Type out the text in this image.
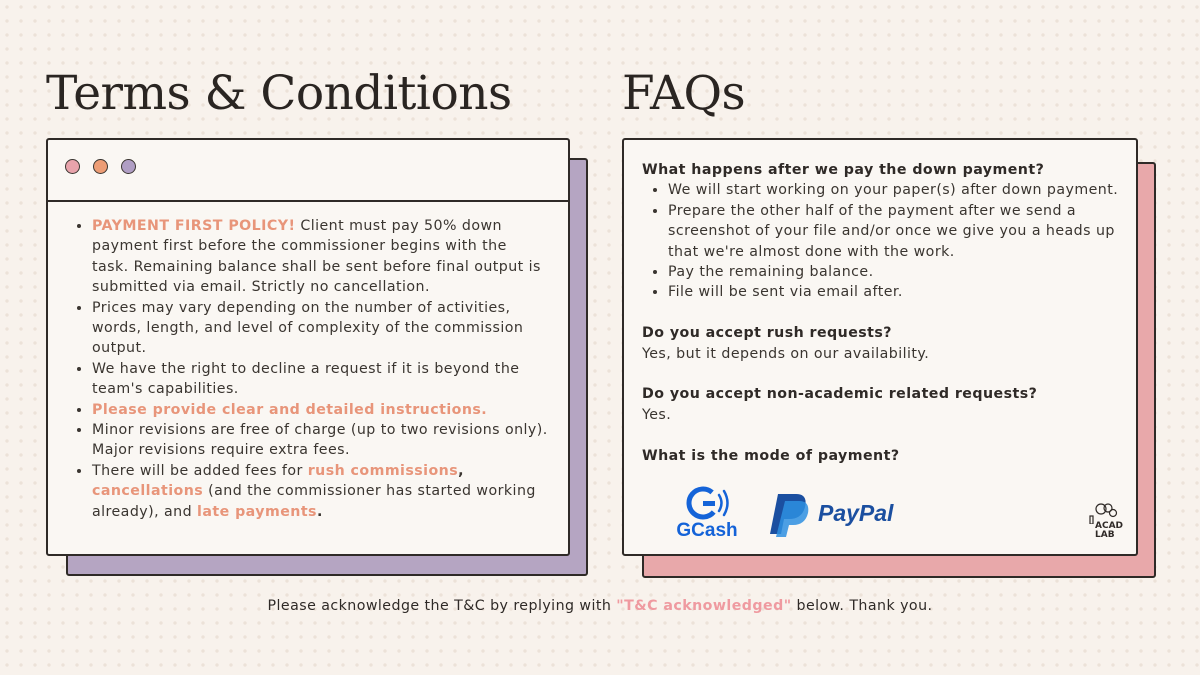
Terms & Conditions FAQs
• PAYMENT FIRST POLICY! Client must pay 50% down payment first before the commissioner begins with the task. Remaining balance shall be sent before final output is submitted via email. Strictly no cancellation.
• Prices may vary depending on the number of activities, words, length, and level of complexity of the commission output.
• We have the right to decline a request if it is beyond the team's capabilities.
• Please provide clear and detailed instructions.
• Minor revisions are free of charge (up to two revisions only). Major revisions require extra fees.
• There will be added fees for rush commissions, cancellations (and the commissioner has started working already), and late payments.

What happens after we pay the down payment?

• We will start working on your paper(s) after down payment.
• Prepare the other half of the payment after we send a screenshot of your file and/or once we give you a heads up that we're almost done with the work.
• Pay the remaining balance.
• File will be sent via email after.

Do you accept rush requests?

Yes, but it depends on our availability.

Do you accept non-academic related requests?

Yes.

What is the mode of payment?

GCash
PayPal	ACAD
LAB
Please acknowledge the T&C by replying with "T&C acknowledged" below. Thank you.
